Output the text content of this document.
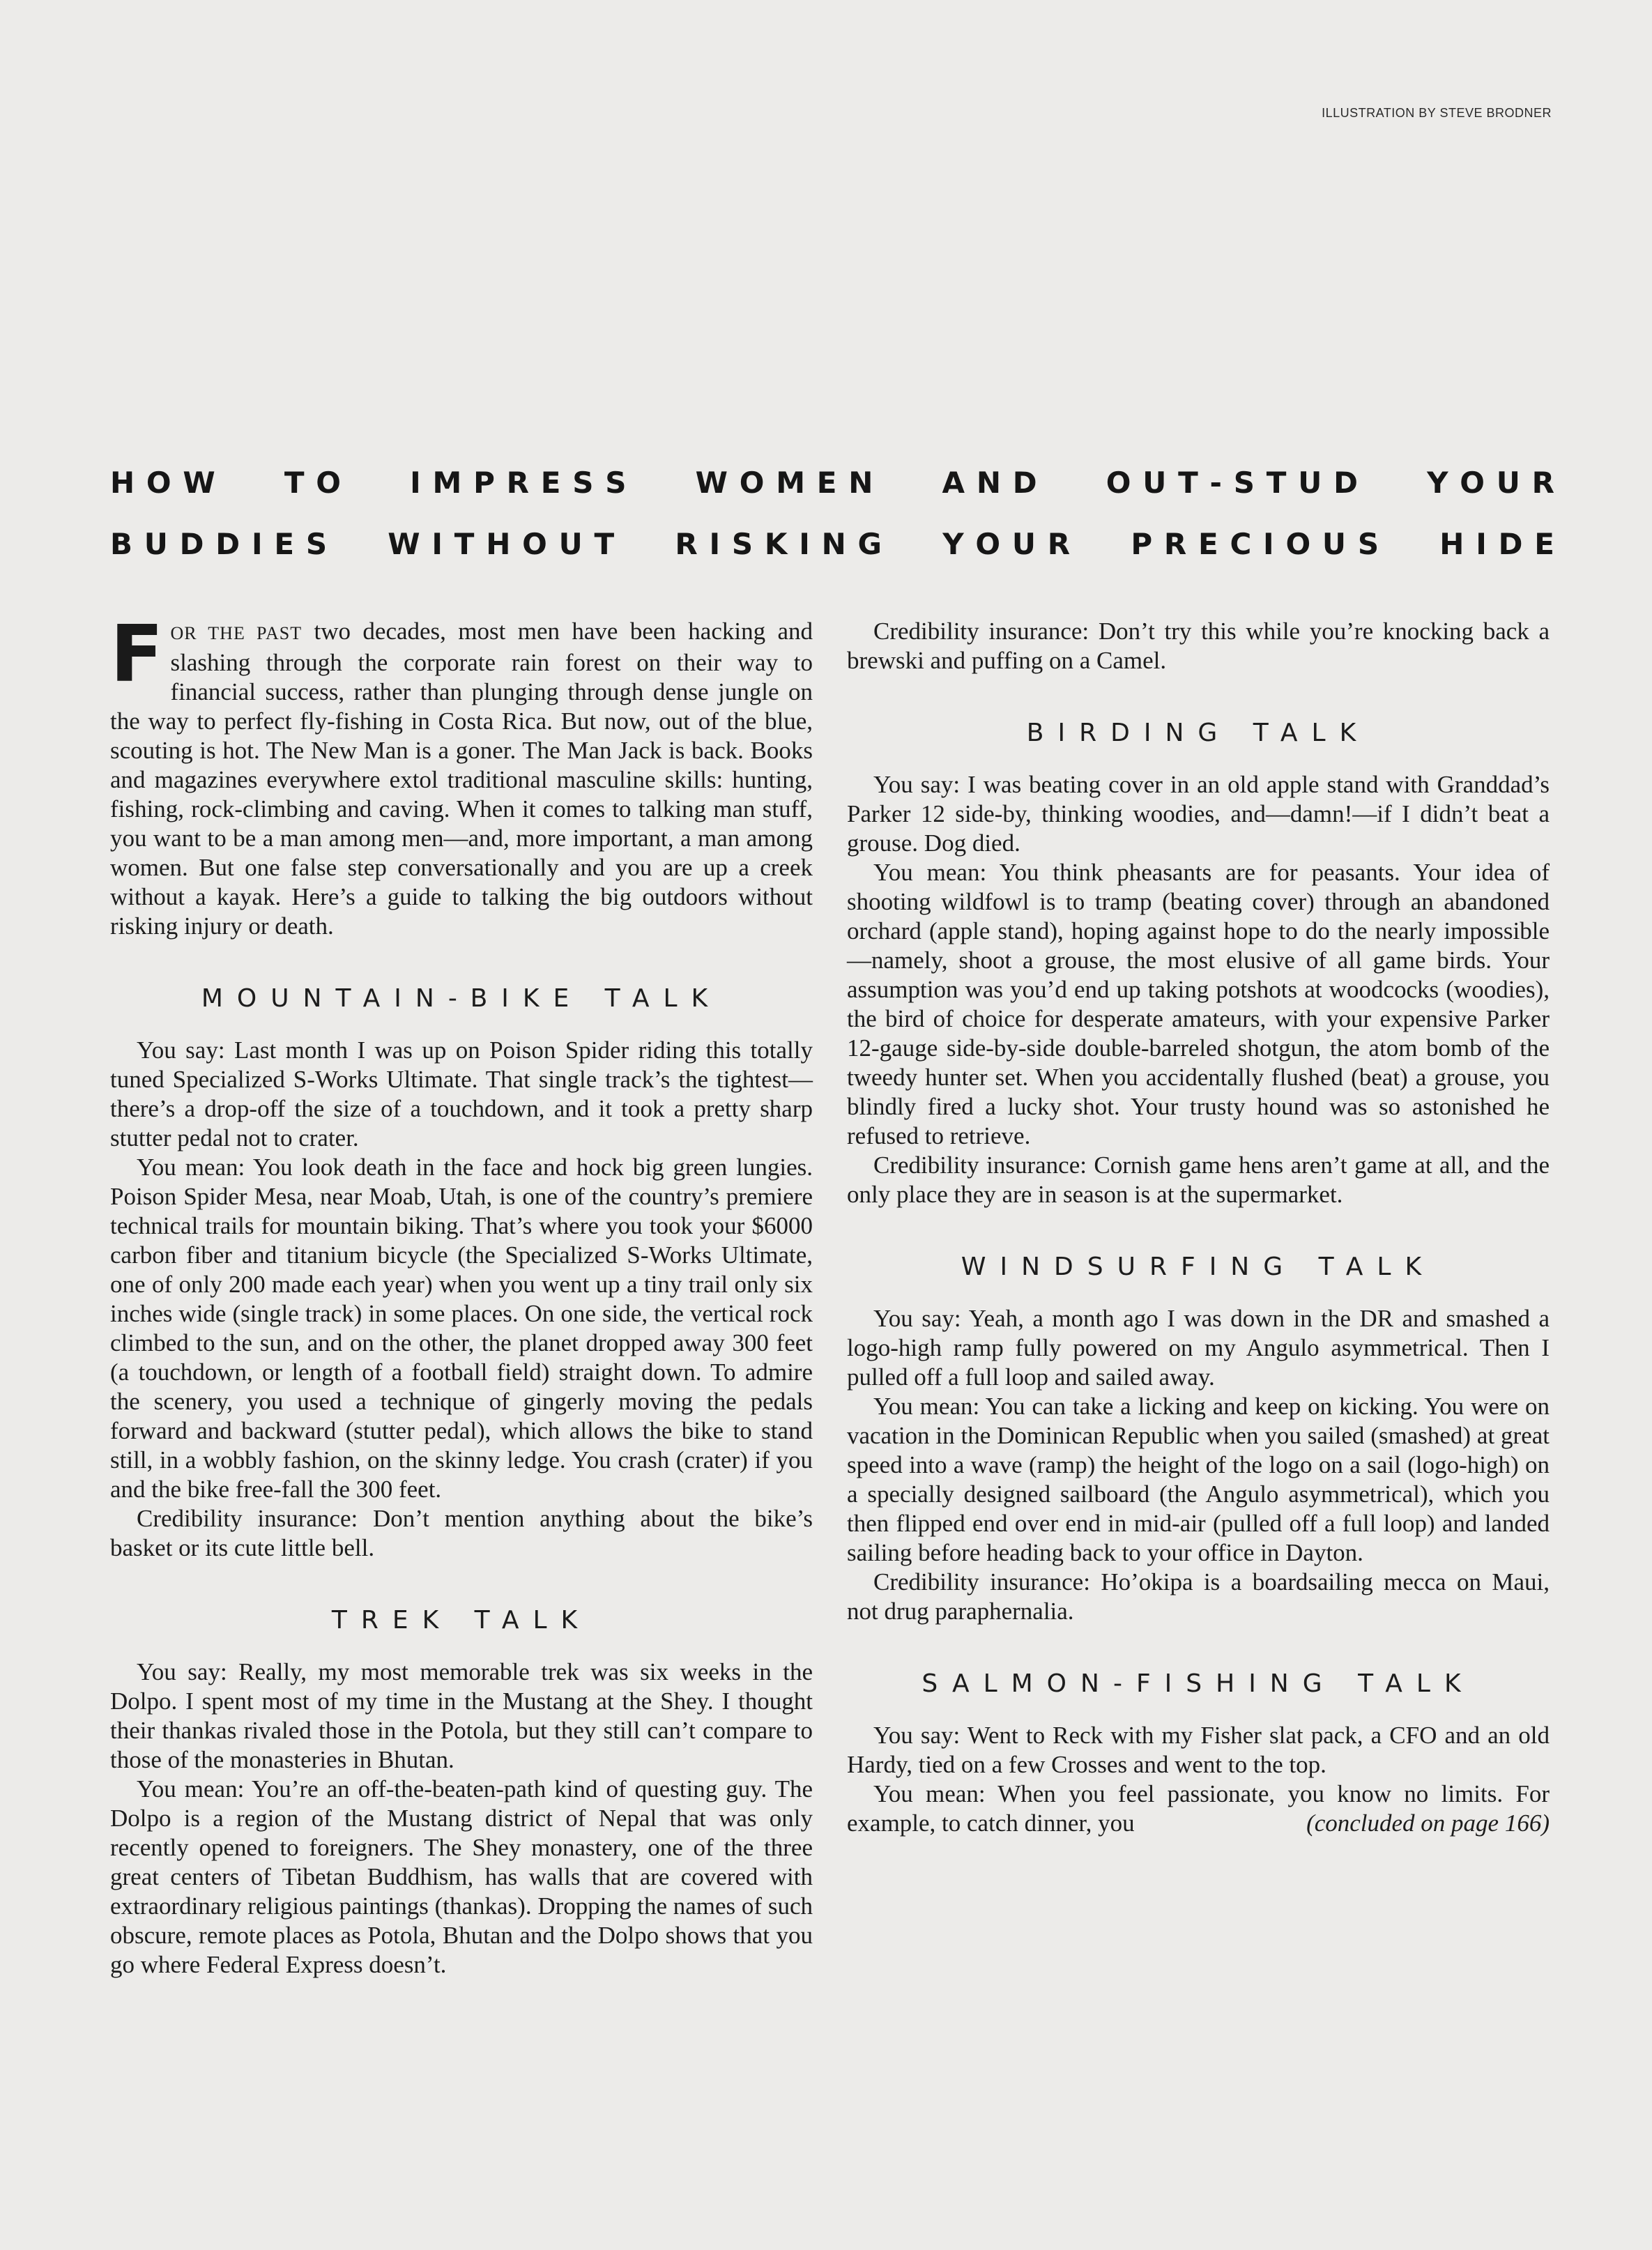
ILLUSTRATION BY STEVE BRODNER
H  O  W T  O I  M  P  R  E  S  S W  O  M  E  N A  N  D O  U  T  -  S  T  U  D Y  O  U  R
B  U  D  D  I  E  S W  I  T  H  O  U  T R  I  S  K  I  N  G Y  O  U  R P  R  E  C  I  O  U  S H  I  D  E

FOR THE PAST two decades, most men have been hacking and slashing through the corporate rain forest on their way to financial success, rather than plunging through dense jungle on the way to perfect fly-fishing in Costa Rica. But now, out of the blue, scouting is hot. The New Man is a goner. The Man Jack is back. Books and magazines everywhere extol traditional masculine skills: hunting, fishing, rock-climbing and caving. When it comes to talking man stuff, you want to be a man among men—and, more important, a man among women. But one false step conversationally and you are up a creek without a kayak. Here’s a guide to talking the big outdoors without risking injury or death.

MOUNTAIN-BIKE TALK

You say: Last month I was up on Poison Spider riding this totally tuned Specialized S-Works Ultimate. That single track’s the tightest—there’s a drop-off the size of a touchdown, and it took a pretty sharp stutter pedal not to crater.

You mean: You look death in the face and hock big green lungies. Poison Spider Mesa, near Moab, Utah, is one of the country’s premiere technical trails for mountain biking. That’s where you took your $6000 carbon fiber and titanium bicycle (the Specialized S-Works Ultimate, one of only 200 made each year) when you went up a tiny trail only six inches wide (single track) in some places. On one side, the vertical rock climbed to the sun, and on the other, the planet dropped away 300 feet (a touchdown, or length of a football field) straight down. To admire the scenery, you used a technique of gingerly moving the pedals forward and backward (stutter pedal), which allows the bike to stand still, in a wobbly fashion, on the skinny ledge. You crash (crater) if you and the bike free-fall the 300 feet.

Credibility insurance: Don’t mention anything about the bike’s basket or its cute little bell.

TREK TALK

You say: Really, my most memorable trek was six weeks in the Dolpo. I spent most of my time in the Mustang at the Shey. I thought their thankas rivaled those in the Potola, but they still can’t compare to those of the monasteries in Bhutan.

You mean: You’re an off-the-beaten-path kind of questing guy. The Dolpo is a region of the Mustang district of Nepal that was only recently opened to foreigners. The Shey monastery, one of the three great centers of Tibetan Buddhism, has walls that are covered with extraordinary religious paintings (thankas). Dropping the names of such obscure, remote places as Potola, Bhutan and the Dolpo shows that you go where Federal Express doesn’t.

Credibility insurance: Don’t try this while you’re knocking back a brewski and puffing on a Camel.

BIRDING TALK

You say: I was beating cover in an old apple stand with Granddad’s Parker 12 side-by, thinking woodies, and—damn!—if I didn’t beat a grouse. Dog died.

You mean: You think pheasants are for peasants. Your idea of shooting wildfowl is to tramp (beating cover) through an abandoned orchard (apple stand), hoping against hope to do the nearly impossible—namely, shoot a grouse, the most elusive of all game birds. Your assumption was you’d end up taking potshots at woodcocks (woodies), the bird of choice for desperate amateurs, with your expensive Parker 12-gauge side-by-side double-barreled shotgun, the atom bomb of the tweedy hunter set. When you accidentally flushed (beat) a grouse, you blindly fired a lucky shot. Your trusty hound was so astonished he refused to retrieve.

Credibility insurance: Cornish game hens aren’t game at all, and the only place they are in season is at the supermarket.

WINDSURFING TALK

You say: Yeah, a month ago I was down in the DR and smashed a logo-high ramp fully powered on my Angulo asymmetrical. Then I pulled off a full loop and sailed away.

You mean: You can take a licking and keep on kicking. You were on vacation in the Dominican Republic when you sailed (smashed) at great speed into a wave (ramp) the height of the logo on a sail (logo-high) on a specially designed sailboard (the Angulo asymmetrical), which you then flipped end over end in mid-air (pulled off a full loop) and landed sailing before heading back to your office in Dayton.

Credibility insurance: Ho’okipa is a boardsailing mecca on Maui, not drug paraphernalia.

SALMON-FISHING TALK

You say: Went to Reck with my Fisher slat pack, a CFO and an old Hardy, tied on a few Crosses and went to the top.

You mean: When you feel passionate, you know no limits. For example, to catch dinner, you	(concluded on page 166)
